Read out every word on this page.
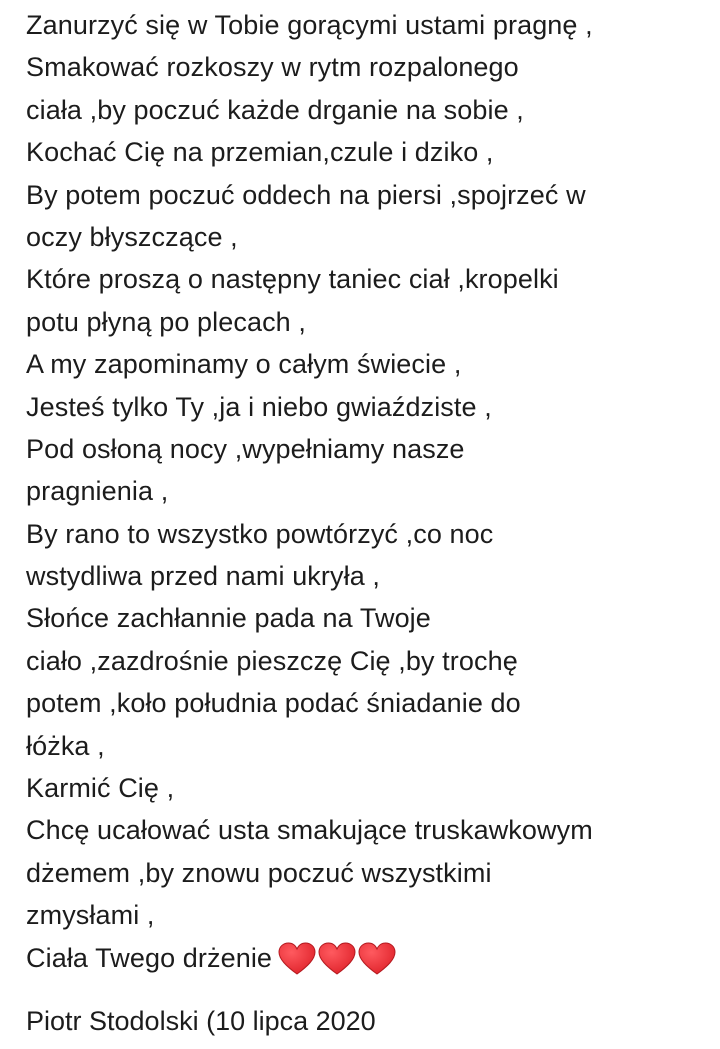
Zanurzyć się w Tobie gorącymi ustami pragnę ,
Smakować rozkoszy w rytm rozpalonego
ciała ,by poczuć każde drganie na sobie ,
Kochać Cię na przemian,czule i dziko ,
By potem poczuć oddech na piersi ,spojrzeć w
oczy błyszczące ,
Które proszą o następny taniec ciał ,kropelki
potu płyną po plecach ,
A my zapominamy o całym świecie ,
Jesteś tylko Ty ,ja i niebo gwiaździste ,
Pod osłoną nocy ,wypełniamy nasze
pragnienia ,
By rano to wszystko powtórzyć ,co noc
wstydliwa przed nami ukryła ,
Słońce zachłannie pada na Twoje
ciało ,zazdrośnie pieszczę Cię ,by trochę
potem ,koło południa podać śniadanie do
łóżka ,
Karmić Cię ,
Chcę ucałować usta smakujące truskawkowym
dżemem ,by znowu poczuć wszystkimi
zmysłami ,
Ciała Twego drżenie
Piotr Stodolski (10 lipca 2020
